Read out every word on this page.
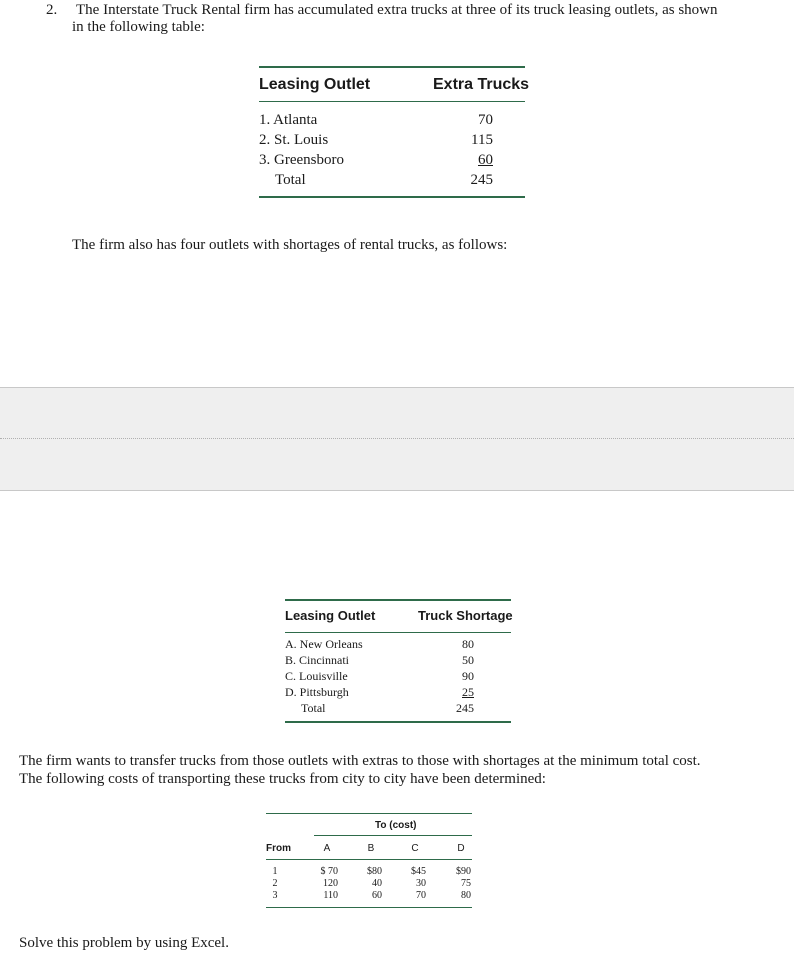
2. The Interstate Truck Rental firm has accumulated extra trucks at three of its truck leasing outlets, as shown
in the following table:
Leasing Outlet	Extra Trucks
1. Atlanta	70
2. St. Louis	115
3. Greensboro	60
Total	245
The firm also has four outlets with shortages of rental trucks, as follows:
Leasing Outlet	Truck Shortage
A. New Orleans	80
B. Cincinnati	50
C. Louisville	90
D. Pittsburgh	25
Total	245
The firm wants to transfer trucks from those outlets with extras to those with shortages at the minimum total cost.
The following costs of transporting these trucks from city to city have been determined:
To (cost)
From	A	B	C	D
1	$ 70	$80	$45	$90
2	120	40	30	75
3	110	60	70	80
Solve this problem by using Excel.
